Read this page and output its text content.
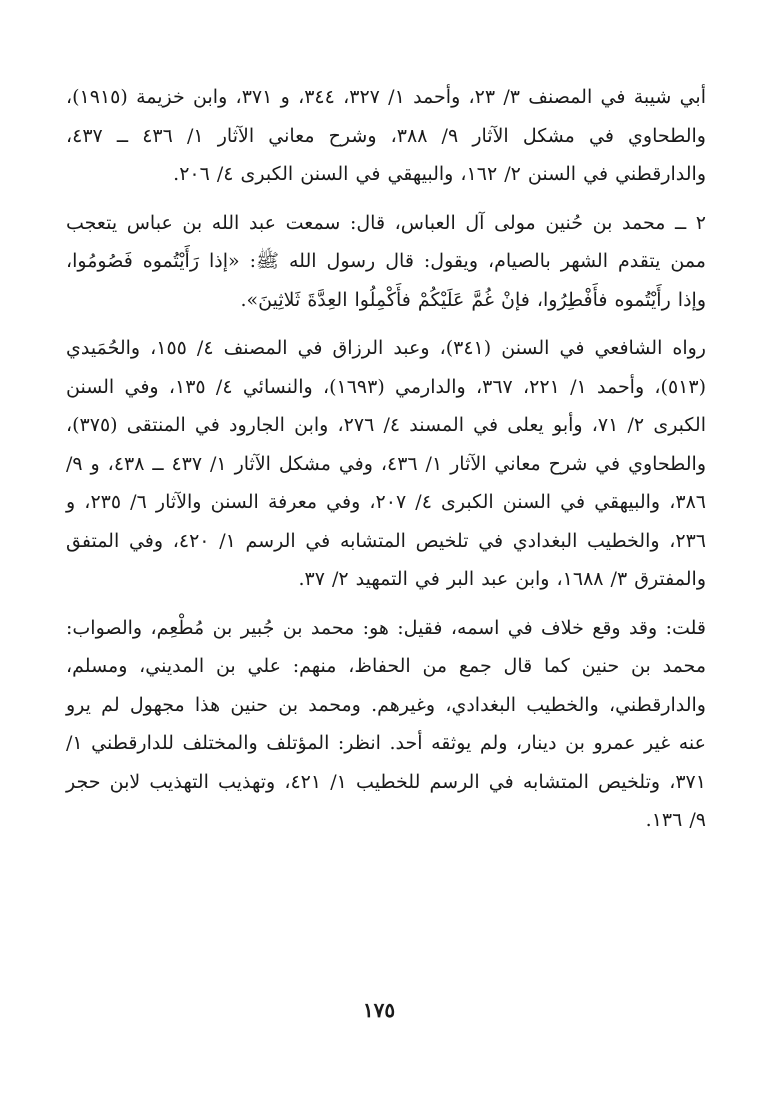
أبي شيبة في المصنف ٣/ ٢٣، وأحمد ١/ ٣٢٧، ٣٤٤، و ٣٧١، وابن خزيمة (١٩١٥)، والطحاوي في مشكل الآثار ٩/ ٣٨٨، وشرح معاني الآثار ١/ ٤٣٦ ــ ٤٣٧، والدارقطني في السنن ٢/ ١٦٢، والبيهقي في السنن الكبرى ٤/ ٢٠٦.

٢ ــ محمد بن حُنين مولى آل العباس، قال: سمعت عبد الله بن عباس يتعجب ممن يتقدم الشهر بالصيام، ويقول: قال رسول الله ﷺ: «إذا رَأَيْتُموه فَصُومُوا، وإذا رأَيْتُموه فأَفْطِرُوا، فإنْ غُمَّ عَلَيْكُمْ فأَكْمِلُوا العِدَّةَ ثَلاثِينَ».

رواه الشافعي في السنن (٣٤١)، وعبد الرزاق في المصنف ٤/ ١٥٥، والحُمَيدي (٥١٣)، وأحمد ١/ ٢٢١، ٣٦٧، والدارمي (١٦٩٣)، والنسائي ٤/ ١٣٥، وفي السنن الكبرى ٢/ ٧١، وأبو يعلى في المسند ٤/ ٢٧٦، وابن الجارود في المنتقى (٣٧٥)، والطحاوي في شرح معاني الآثار ١/ ٤٣٦، وفي مشكل الآثار ١/ ٤٣٧ ــ ٤٣٨، و ٩/ ٣٨٦، والبيهقي في السنن الكبرى ٤/ ٢٠٧، وفي معرفة السنن والآثار ٦/ ٢٣٥، و ٢٣٦، والخطيب البغدادي في تلخيص المتشابه في الرسم ١/ ٤٢٠، وفي المتفق والمفترق ٣/ ١٦٨٨، وابن عبد البر في التمهيد ٢/ ٣٧.

قلت: وقد وقع خلاف في اسمه، فقيل: هو: محمد بن جُبير بن مُطْعِم، والصواب: محمد بن حنين كما قال جمع من الحفاظ، منهم: علي بن المديني، ومسلم، والدارقطني، والخطيب البغدادي، وغيرهم. ومحمد بن حنين هذا مجهول لم يرو عنه غير عمرو بن دينار، ولم يوثقه أحد. انظر: المؤتلف والمختلف للدارقطني ١/ ٣٧١، وتلخيص المتشابه في الرسم للخطيب ١/ ٤٢١، وتهذيب التهذيب لابن حجر ٩/ ١٣٦.

١٧٥
